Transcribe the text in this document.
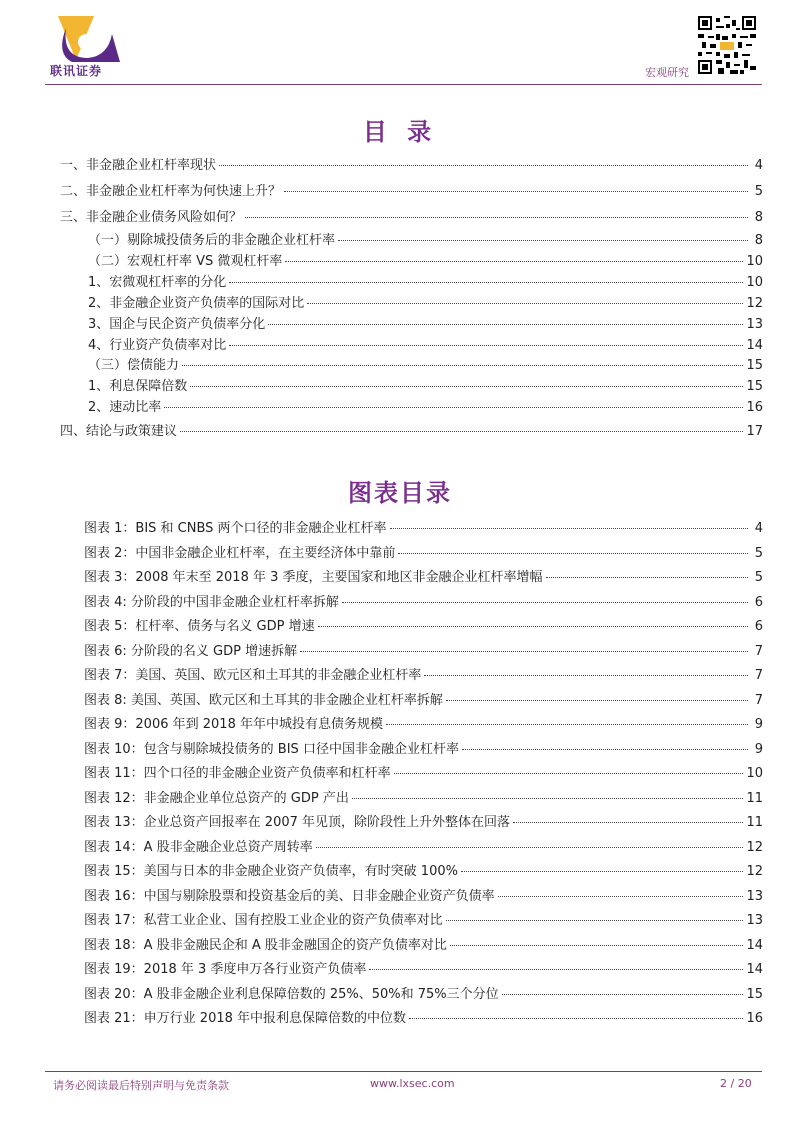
联讯证券	宏观研究
目 录
一、非金融企业杠杆率现状	4
二、非金融企业杠杆率为何快速上升？	5
三、非金融企业债务风险如何？	8
（一）剔除城投债务后的非金融企业杠杆率	8
（二）宏观杠杆率 VS 微观杠杆率	10
1、宏微观杠杆率的分化	10
2、非金融企业资产负债率的国际对比	12
3、国企与民企资产负债率分化	13
4、行业资产负债率对比	14
（三）偿债能力	15
1、利息保障倍数	15
2、速动比率	16
四、结论与政策建议	17
图表目录
图表 1：BIS 和 CNBS 两个口径的非金融企业杠杆率	4
图表 2：中国非金融企业杠杆率，在主要经济体中靠前	5
图表 3：2008 年末至 2018 年 3 季度，主要国家和地区非金融企业杠杆率增幅	5
图表 4: 分阶段的中国非金融企业杠杆率拆解	6
图表 5：杠杆率、债务与名义 GDP 增速	6
图表 6: 分阶段的名义 GDP 增速拆解	7
图表 7：美国、英国、欧元区和土耳其的非金融企业杠杆率	7
图表 8: 美国、英国、欧元区和土耳其的非金融企业杠杆率拆解	7
图表 9：2006 年到 2018 年年中城投有息债务规模	9
图表 10：包含与剔除城投债务的 BIS 口径中国非金融企业杠杆率	9
图表 11：四个口径的非金融企业资产负债率和杠杆率	10
图表 12：非金融企业单位总资产的 GDP 产出	11
图表 13：企业总资产回报率在 2007 年见顶，除阶段性上升外整体在回落	11
图表 14：A 股非金融企业总资产周转率	12
图表 15：美国与日本的非金融企业资产负债率，有时突破 100%	12
图表 16：中国与剔除股票和投资基金后的美、日非金融企业资产负债率	13
图表 17：私营工业企业、国有控股工业企业的资产负债率对比	13
图表 18：A 股非金融民企和 A 股非金融国企的资产负债率对比	14
图表 19：2018 年 3 季度申万各行业资产负债率	14
图表 20：A 股非金融企业利息保障倍数的 25%、50%和 75%三个分位	15
图表 21：申万行业 2018 年中报利息保障倍数的中位数	16
请务必阅读最后特别声明与免责条款	www.lxsec.com	2 / 20
